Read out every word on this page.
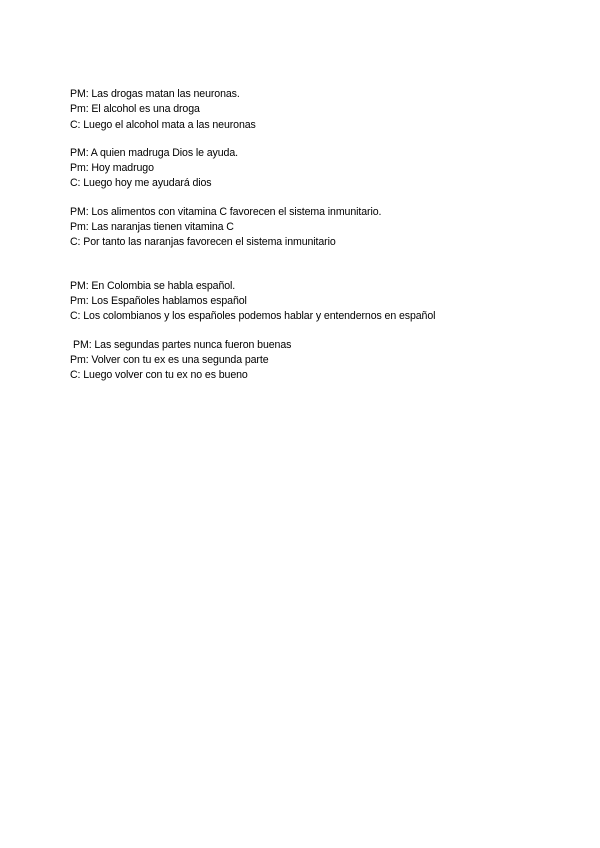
PM: Las drogas matan las neuronas.
Pm: El alcohol es una droga
C: Luego el alcohol mata a las neuronas
PM: A quien madruga Dios le ayuda.
Pm: Hoy madrugo
C: Luego hoy me ayudará dios
PM: Los alimentos con vitamina C favorecen el sistema inmunitario.
Pm: Las naranjas tienen vitamina C
C: Por tanto las naranjas favorecen el sistema inmunitario
PM: En Colombia se habla español.
Pm: Los Españoles hablamos español
C: Los colombianos y los españoles podemos hablar y entendernos en español
PM: Las segundas partes nunca fueron buenas
Pm: Volver con tu ex es una segunda parte
C: Luego volver con tu ex no es bueno
